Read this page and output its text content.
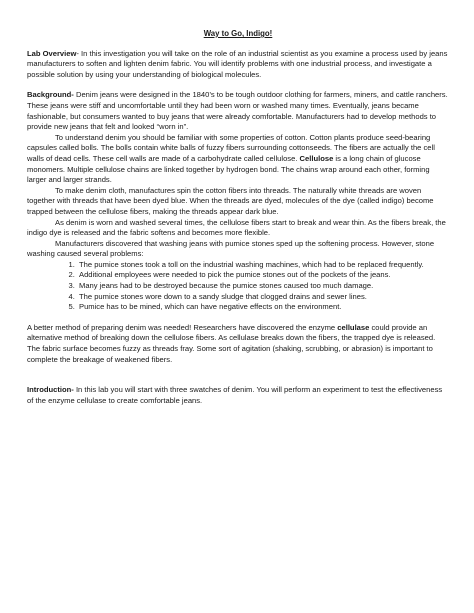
Way to Go, Indigo!

Lab Overview- In this investigation you will take on the role of an industrial scientist as you examine a process used by jeans manufacturers to soften and lighten denim fabric. You will identify problems with one industrial process, and investigate a possible solution by using your understanding of biological molecules.

Background- Denim jeans were designed in the 1840’s to be tough outdoor clothing for farmers, miners, and cattle ranchers. These jeans were stiff and uncomfortable until they had been worn or washed many times. Eventually, jeans became fashionable, but consumers wanted to buy jeans that were already comfortable. Manufacturers had to develop methods to provide new jeans that felt and looked “worn in”.

To understand denim you should be familiar with some properties of cotton. Cotton plants produce seed-bearing capsules called bolls. The bolls contain white balls of fuzzy fibers surrounding cottonseeds. The fibers are actually the cell walls of dead cells. These cell walls are made of a carbohydrate called cellulose. Cellulose is a long chain of glucose monomers. Multiple cellulose chains are linked together by hydrogen bond. The chains wrap around each other, forming larger and larger strands.

To make denim cloth, manufactures spin the cotton fibers into threads. The naturally white threads are woven together with threads that have been dyed blue. When the threads are dyed, molecules of the dye (called indigo) become trapped between the cellulose fibers, making the threads appear dark blue.

As denim is worn and washed several times, the cellulose fibers start to break and wear thin. As the fibers break, the indigo dye is released and the fabric softens and becomes more flexible.

Manufacturers discovered that washing jeans with pumice stones sped up the softening process. However, stone washing caused several problems:

1. The pumice stones took a toll on the industrial washing machines, which had to be replaced frequently.
2. Additional employees were needed to pick the pumice stones out of the pockets of the jeans.
3. Many jeans had to be destroyed because the pumice stones caused too much damage.
4. The pumice stones wore down to a sandy sludge that clogged drains and sewer lines.
5. Pumice has to be mined, which can have negative effects on the environment.

A better method of preparing denim was needed! Researchers have discovered the enzyme cellulase could provide an alternative method of breaking down the cellulose fibers. As cellulase breaks down the fibers, the trapped dye is released. The fabric surface becomes fuzzy as threads fray. Some sort of agitation (shaking, scrubbing, or abrasion) is important to complete the breakage of weakened fibers.

Introduction- In this lab you will start with three swatches of denim. You will perform an experiment to test the effectiveness of the enzyme cellulase to create comfortable jeans.
